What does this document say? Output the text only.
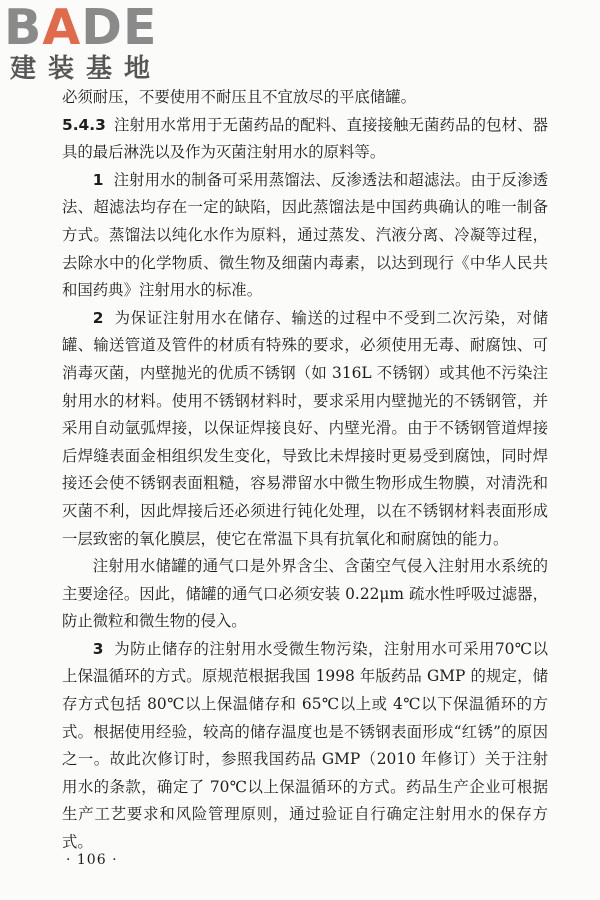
BADE
建装基地

必须耐压，不要使用不耐压且不宜放尽的平底储罐。

5.4.3 注射用水常用于无菌药品的配料、直接接触无菌药品的包材、器具的最后淋洗以及作为灭菌注射用水的原料等。

1 注射用水的制备可采用蒸馏法、反渗透法和超滤法。由于反渗透法、超滤法均存在一定的缺陷，因此蒸馏法是中国药典确认的唯一制备方式。蒸馏法以纯化水作为原料，通过蒸发、汽液分离、冷凝等过程，去除水中的化学物质、微生物及细菌内毒素，以达到现行《中华人民共和国药典》注射用水的标准。

2 为保证注射用水在储存、输送的过程中不受到二次污染，对储罐、输送管道及管件的材质有特殊的要求，必须使用无毒、耐腐蚀、可消毒灭菌，内壁抛光的优质不锈钢（如 316L 不锈钢）或其他不污染注射用水的材料。使用不锈钢材料时，要求采用内壁抛光的不锈钢管，并采用自动氩弧焊接，以保证焊接良好、内壁光滑。由于不锈钢管道焊接后焊缝表面金相组织发生变化，导致比未焊接时更易受到腐蚀，同时焊接还会使不锈钢表面粗糙，容易滞留水中微生物形成生物膜，对清洗和灭菌不利，因此焊接后还必须进行钝化处理，以在不锈钢材料表面形成一层致密的氧化膜层，使它在常温下具有抗氧化和耐腐蚀的能力。

注射用水储罐的通气口是外界含尘、含菌空气侵入注射用水系统的主要途径。因此，储罐的通气口必须安装 0.22μm 疏水性呼吸过滤器，防止微粒和微生物的侵入。

3 为防止储存的注射用水受微生物污染，注射用水可采用70℃以上保温循环的方式。原规范根据我国 1998 年版药品 GMP 的规定，储存方式包括 80℃以上保温储存和 65℃以上或 4℃以下保温循环的方式。根据使用经验，较高的储存温度也是不锈钢表面形成“红锈”的原因之一。故此次修订时，参照我国药品 GMP（2010 年修订）关于注射用水的条款，确定了 70℃以上保温循环的方式。药品生产企业可根据生产工艺要求和风险管理原则，通过验证自行确定注射用水的保存方式。

· 106 ·
